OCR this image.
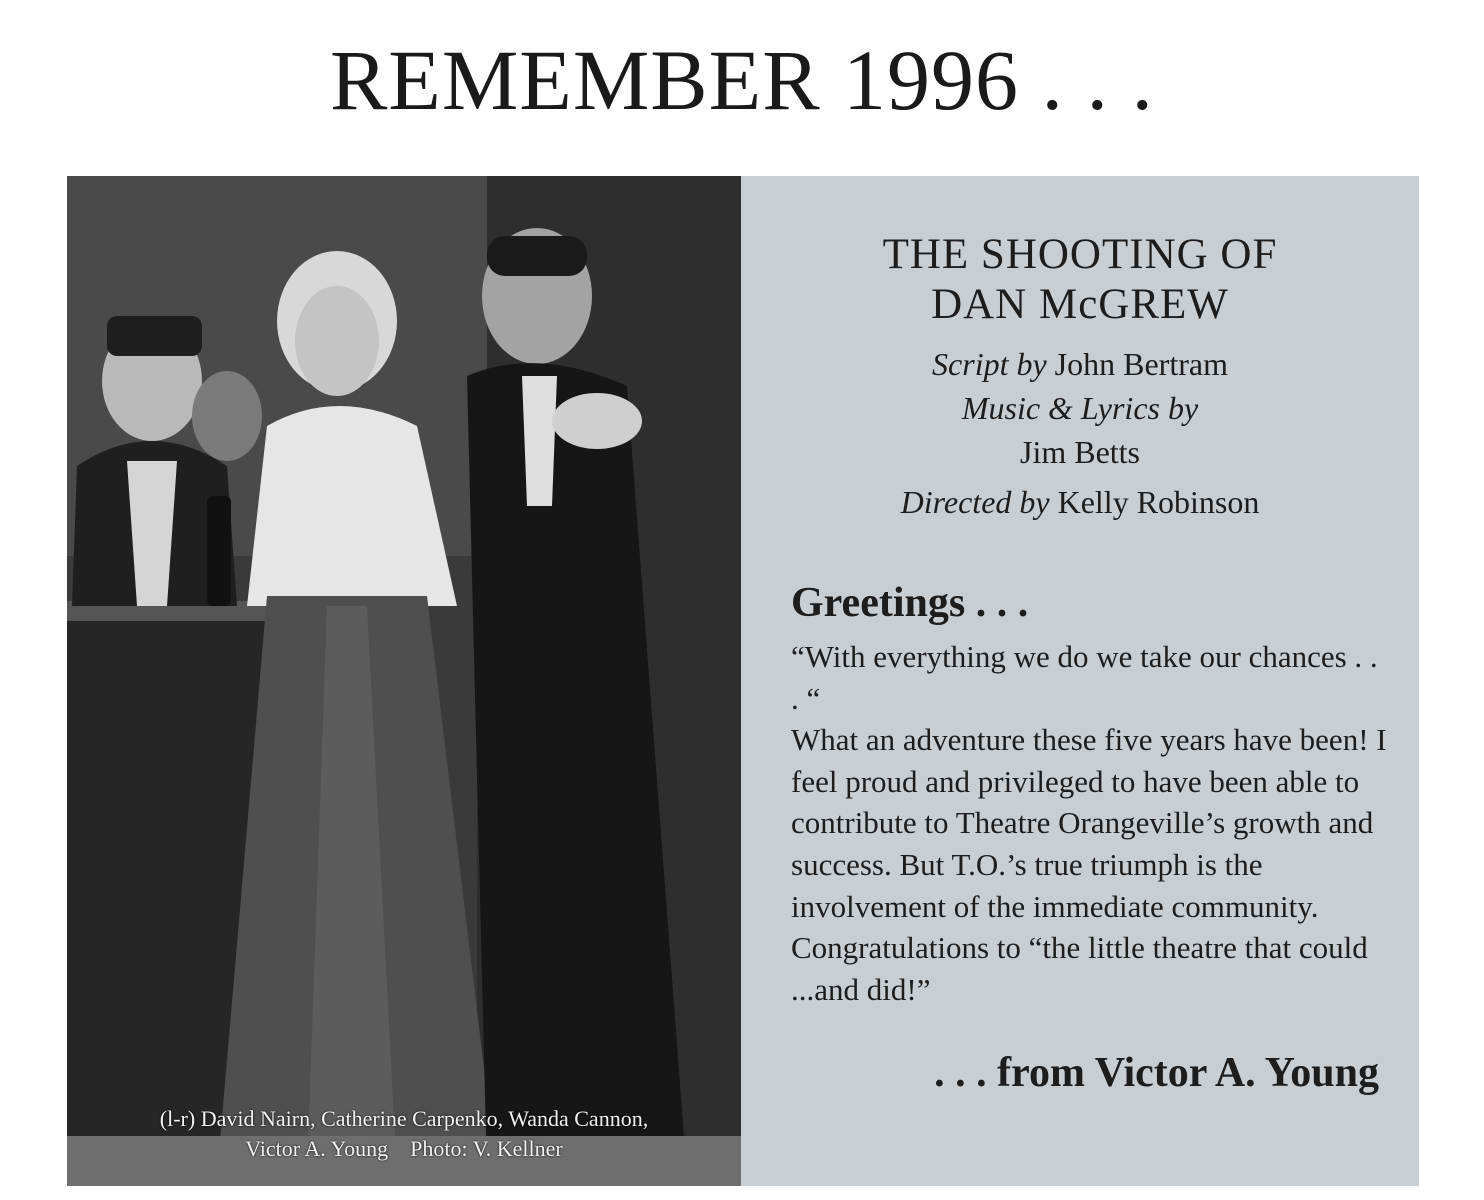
REMEMBER 1996 . . .
(l-r) David Nairn, Catherine Carpenko, Wanda Cannon,
Victor A. Young    Photo: V. Kellner
THE SHOOTING OF
DAN McGREW
Script by John Bertram
Music & Lyrics by
Jim Betts
Directed by Kelly Robinson
Greetings . . .

“With everything we do we take our chances . . . “

What an adventure these five years have been! I feel proud and privileged to have been able to contribute to Theatre Orangeville’s growth and success. But T.O.’s true triumph is the involvement of the immediate community.

Congratulations to “the little theatre that could ...and did!”

. . . from Victor A. Young
